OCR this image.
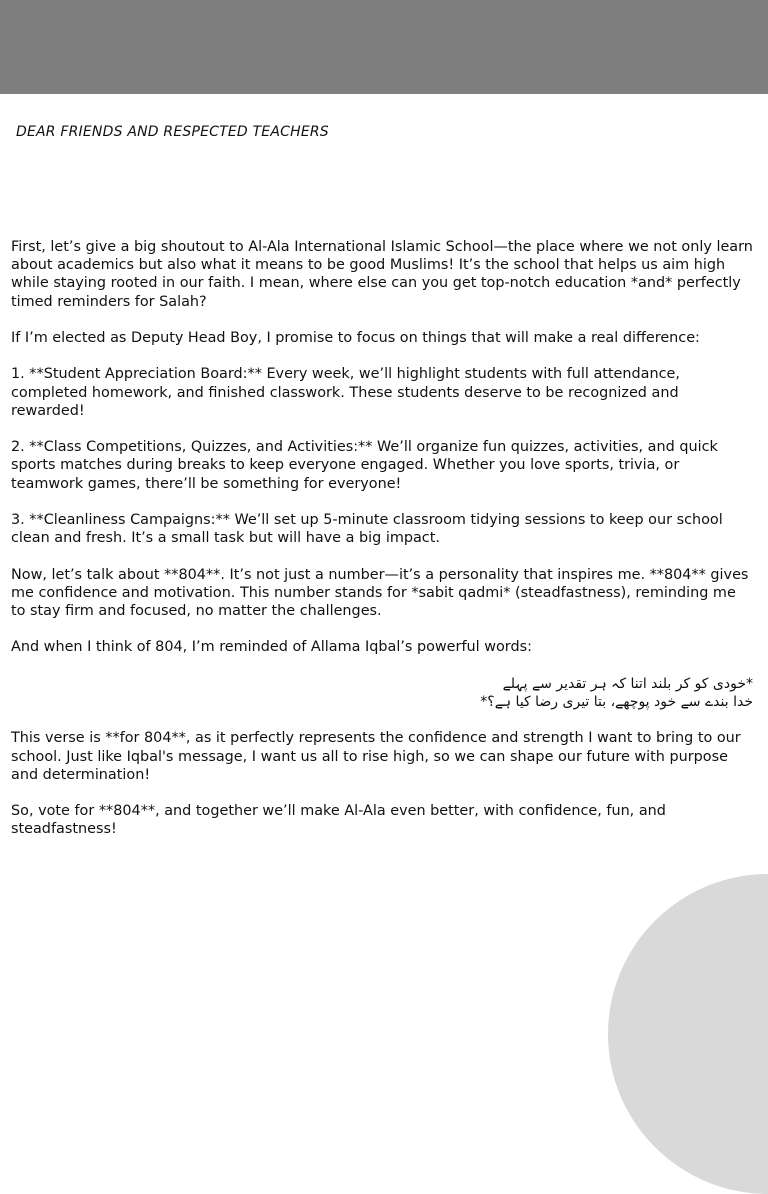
DEAR FRIENDS AND RESPECTED TEACHERS

First, let’s give a big shoutout to Al-Ala International Islamic School—the place where we not only learn about academics but also what it means to be good Muslims! It’s the school that helps us aim high while staying rooted in our faith. I mean, where else can you get top-notch education *and* perfectly timed reminders for Salah?

If I’m elected as Deputy Head Boy, I promise to focus on things that will make a real difference:

1. **Student Appreciation Board:** Every week, we’ll highlight students with full attendance, completed homework, and finished classwork. These students deserve to be recognized and rewarded!

2. **Class Competitions, Quizzes, and Activities:** We’ll organize fun quizzes, activities, and quick sports matches during breaks to keep everyone engaged. Whether you love sports, trivia, or teamwork games, there’ll be something for everyone!

3. **Cleanliness Campaigns:** We’ll set up 5-minute classroom tidying sessions to keep our school clean and fresh. It’s a small task but will have a big impact.

Now, let’s talk about **804**. It’s not just a number—it’s a personality that inspires me. **804** gives me confidence and motivation. This number stands for *sabit qadmi* (steadfastness), reminding me to stay firm and focused, no matter the challenges.

And when I think of 804, I’m reminded of Allama Iqbal’s powerful words:

*خودی کو کر بلند اتنا کہ ہر تقدیر سے پہلے
خدا بندے سے خود پوچھے، بتا تیری رضا کیا ہے؟*

This verse is **for 804**, as it perfectly represents the confidence and strength I want to bring to our school. Just like Iqbal's message, I want us all to rise high, so we can shape our future with purpose and determination!

So, vote for **804**, and together we’ll make Al-Ala even better, with confidence, fun, and steadfastness!
